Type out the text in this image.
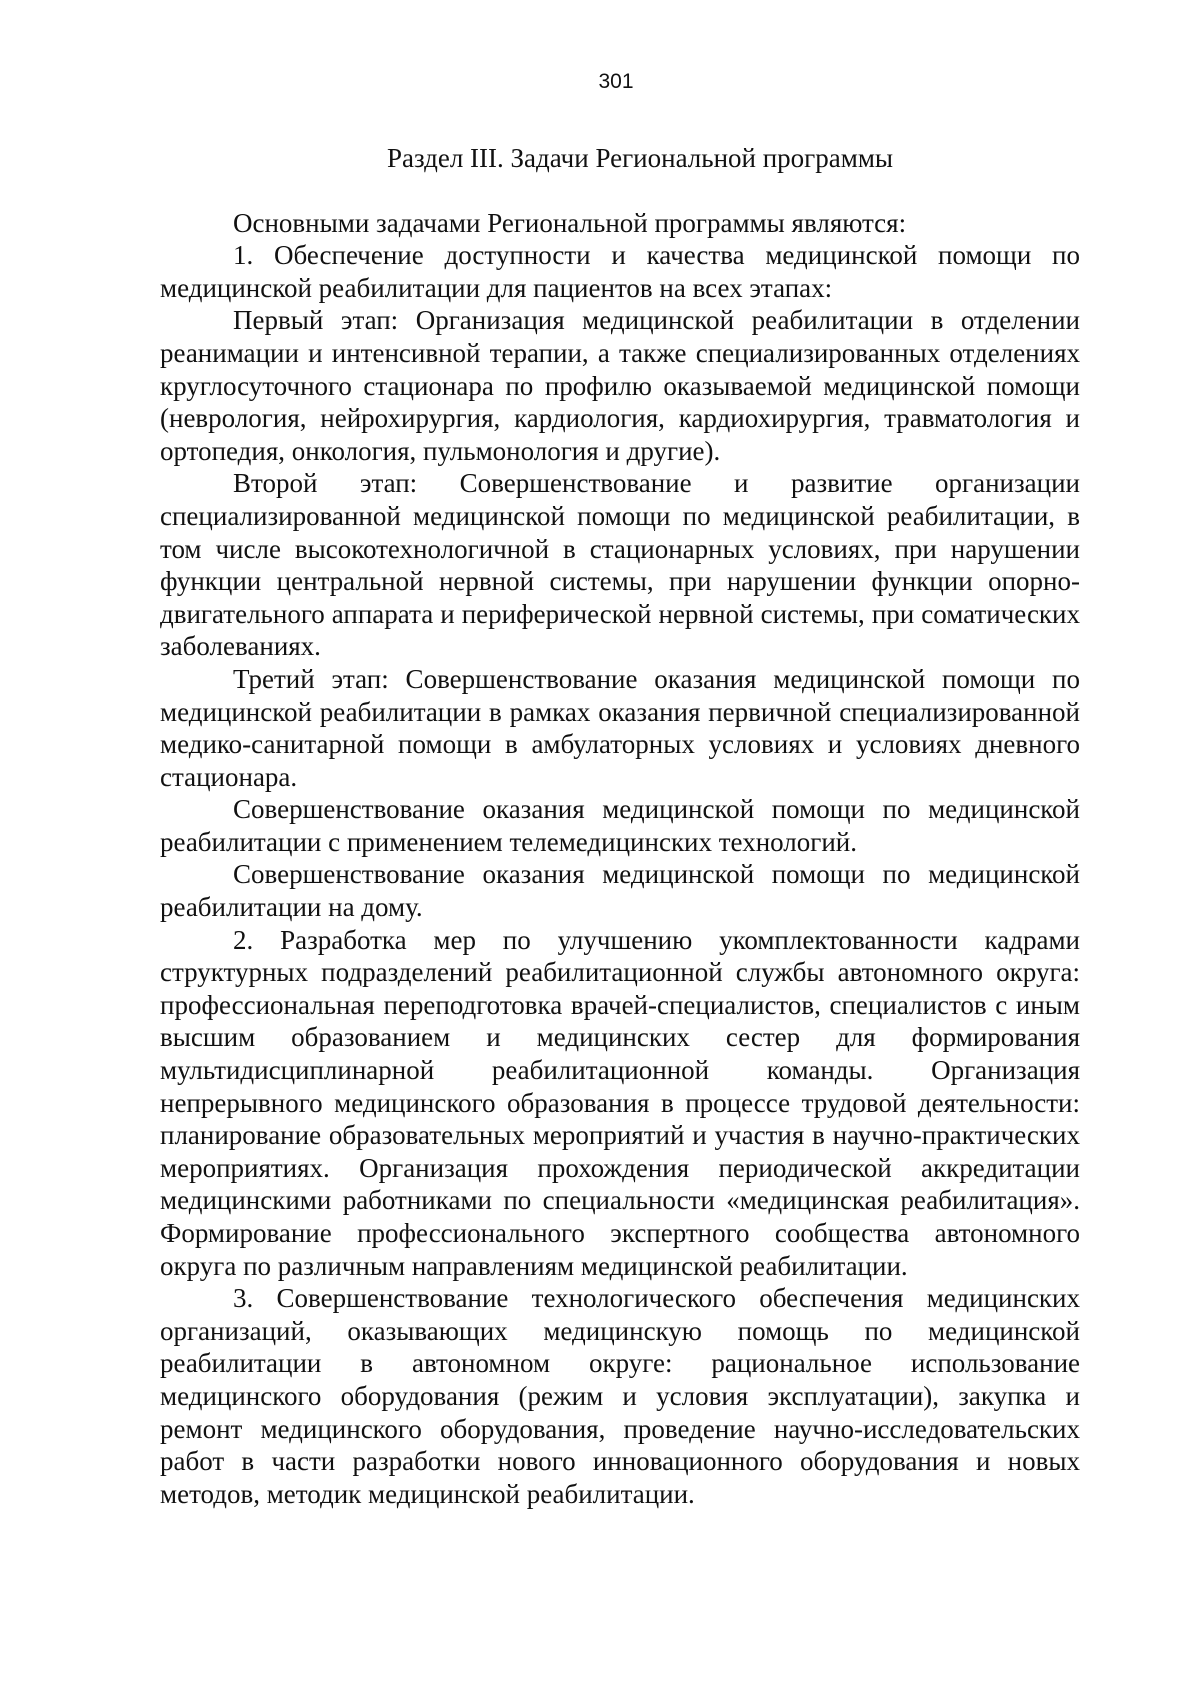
301
Раздел III. Задачи Региональной программы

Основными задачами Региональной программы являются:

1. Обеспечение доступности и качества медицинской помощи по медицинской реабилитации для пациентов на всех этапах:

Первый этап: Организация медицинской реабилитации в отделении реанимации и интенсивной терапии, а также специализированных отделениях круглосуточного стационара по профилю оказываемой медицинской помощи (неврология, нейрохирургия, кардиология, кардиохирургия, травматология и ортопедия, онкология, пульмонология и другие).

Второй этап: Совершенствование и развитие организации специализированной медицинской помощи по медицинской реабилитации, в том числе высокотехнологичной в стационарных условиях, при нарушении функции центральной нервной системы, при нарушении функции опорно-двигательного аппарата и периферической нервной системы, при соматических заболеваниях.

Третий этап: Совершенствование оказания медицинской помощи по медицинской реабилитации в рамках оказания первичной специализированной медико-санитарной помощи в амбулаторных условиях и условиях дневного стационара.

Совершенствование оказания медицинской помощи по медицинской реабилитации с применением телемедицинских технологий.

Совершенствование оказания медицинской помощи по медицинской реабилитации на дому.

2. Разработка мер по улучшению укомплектованности кадрами структурных подразделений реабилитационной службы автономного округа: профессиональная переподготовка врачей-специалистов, специалистов с иным высшим образованием и медицинских сестер для формирования мультидисциплинарной реабилитационной команды. Организация непрерывного медицинского образования в процессе трудовой деятельности: планирование образовательных мероприятий и участия в научно-практических мероприятиях. Организация прохождения периодической аккредитации медицинскими работниками по специальности «медицинская реабилитация». Формирование профессионального экспертного сообщества автономного округа по различным направлениям медицинской реабилитации.

3. Совершенствование технологического обеспечения медицинских организаций, оказывающих медицинскую помощь по медицинской реабилитации в автономном округе: рациональное использование медицинского оборудования (режим и условия эксплуатации), закупка и ремонт медицинского оборудования, проведение научно-исследовательских работ в части разработки нового инновационного оборудования и новых методов, методик медицинской реабилитации.
